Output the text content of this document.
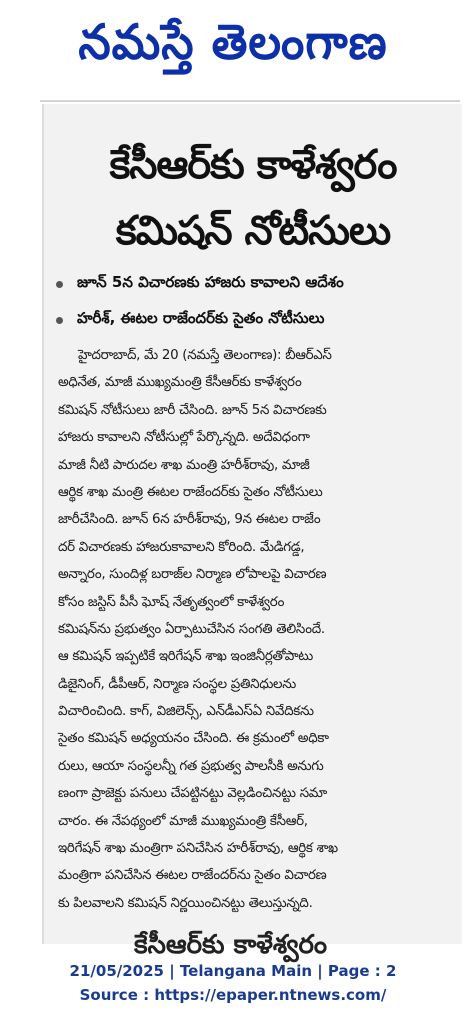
నమస్తే తెలంగాణ
కేసీఆర్‌కు కాళేశ్వరం
కమిషన్ నోటీసులు
జూన్ 5న విచారణకు హాజరు కావాలని ఆదేశం
హరీశ్, ఈటల రాజేందర్‌కు సైతం నోటీసులు
హైదరాబాద్, మే 20 (నమస్తే తెలంగాణ): బీఆర్‌ఎస్
అధినేత, మాజీ ముఖ్యమంత్రి కేసీఆర్‌కు కాళేశ్వరం
కమిషన్ నోటీసులు జారీ చేసింది. జూన్ 5న విచారణకు
హాజరు కావాలని నోటీసుల్లో పేర్కొన్నది. అదేవిధంగా
మాజీ నీటి పారుదల శాఖ మంత్రి హరీశ్‌రావు, మాజీ
ఆర్థిక శాఖ మంత్రి ఈటల రాజేందర్‌కు సైతం నోటీసులు
జారీచేసింది. జూన్ 6న హరీశ్‌రావు, 9న ఈటల రాజేం
దర్ విచారణకు హాజరుకావాలని కోరింది. మేడిగడ్డ,
అన్నారం, సుందిళ్ల బరాజ్‌ల నిర్మాణ లోపాలపై విచారణ
కోసం జస్టిస్ పీసీ ఘోష్ నేతృత్వంలో కాళేశ్వరం
కమిషన్‌ను ప్రభుత్వం ఏర్పాటుచేసిన సంగతి తెలిసిందే.
ఆ కమిషన్ ఇప్పటికే ఇరిగేషన్ శాఖ ఇంజినీర్లతోపాటు
డిజైనింగ్, డీపీఆర్, నిర్మాణ సంస్థల ప్రతినిధులను
విచారించింది. కాగ్, విజిలెన్స్, ఎన్‌డీఎస్‌ఏ నివేదికను
సైతం కమిషన్ అధ్యయనం చేసింది. ఈ క్రమంలో అధికా
రులు, ఆయా సంస్థలన్నీ గత ప్రభుత్వ పాలసీకి అనుగు
ణంగా ప్రాజెక్టు పనులు చేపట్టినట్టు వెల్లడించినట్టు సమా
చారం. ఈ నేపథ్యంలో మాజీ ముఖ్యమంత్రి కేసీఆర్,
ఇరిగేషన్ శాఖ మంత్రిగా పనిచేసిన హరీశ్‌రావు, ఆర్థిక శాఖ
మంత్రిగా పనిచేసిన ఈటల రాజేందర్‌ను సైతం విచారణ
కు పిలవాలని కమిషన్ నిర్ణయించినట్టు తెలుస్తున్నది.
కేసీఆర్‌కు కాళేశ్వరం
21/05/2025 | Telangana Main | Page : 2
Source : https://epaper.ntnews.com/
